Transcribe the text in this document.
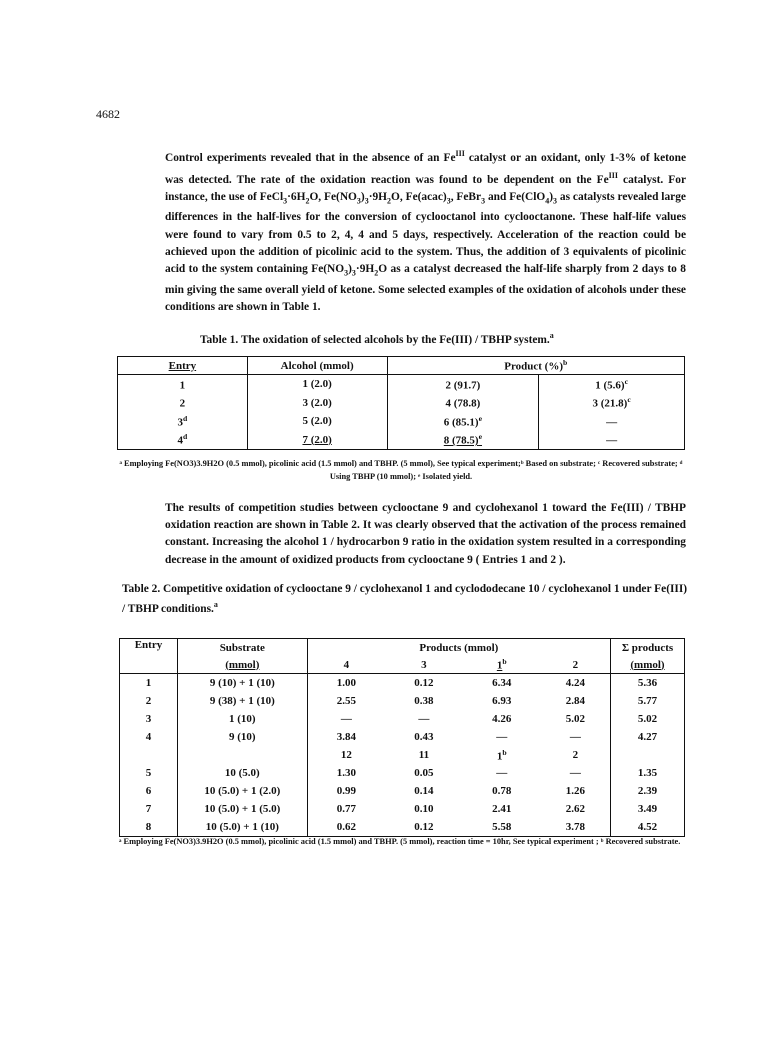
4682
Control experiments revealed that in the absence of an $Fe^{III}$ catalyst or an oxidant, only 1-3% of ketone was detected. The rate of the oxidation reaction was found to be dependent on the $Fe^{III}$ catalyst. For instance, the use of $FeCl_3\cdot 6H_2O$, $Fe(NO_3)_3\cdot 9H_2O$, $Fe(acac)_3$, FeBr$_3$ and $Fe(ClO_4)_3$ as catalysts revealed large differences in the half-lives for the conversion of cyclooctanol into cyclooctanone. These half-life values were found to vary from 0.5 to 2, 4, 4 and 5 days, respectively. Acceleration of the reaction could be achieved upon the addition of picolinic acid to the system. Thus, the addition of 3 equivalents of picolinic acid to the system containing $Fe(NO_3)_3\cdot 9H_2O$ as a catalyst decreased the half-life sharply from 2 days to 8 min giving the same overall yield of ketone. Some selected examples of the oxidation of alcohols under these conditions are shown in Table 1.
Table 1. The oxidation of selected alcohols by the Fe(III) / TBHP system.$^a$
Entry	Alcohol (mmol)	Product (%)$^b$
1	1 (2.0)	2 (91.7)	1 $(5.6)^c$
2	3 (2.0)	4 (78.8)	3 $(21.8)^c$
3$^d$	5 (2.0)	6 $(85.1)^e$	—
4$^d$	7 (2.0)	8 $(78.5)^e$	—
ᵃ Employing Fe(NO3)3.9H2O (0.5 mmol), picolinic acid (1.5 mmol) and TBHP. (5 mmol), See typical experiment;ᵇ Based on substrate; ᶜ Recovered substrate; ᵈ Using TBHP (10 mmol); ᵉ Isolated yield.
The results of competition studies between cyclooctane 9 and cyclohexanol 1 toward the Fe(III) / TBHP oxidation reaction are shown in Table 2. It was clearly observed that the activation of the process remained constant. Increasing the alcohol 1 / hydrocarbon 9 ratio in the oxidation system resulted in a corresponding decrease in the amount of oxidized products from cyclooctane 9 ( Entries 1 and 2 ).
Table 2. Competitive oxidation of cyclooctane 9 / cyclohexanol 1 and cyclododecane 10 / cyclohexanol 1 under Fe(III) / TBHP conditions.$^a$
Entry	Substrate	Products (mmol)				Σ products
	(mmol)	4	3	1$^b$	2	(mmol)
1	9 (10) + 1 (10)	1.00	0.12	6.34	4.24	5.36
2	9 (38) + 1 (10)	2.55	0.38	6.93	2.84	5.77
3	1 (10)	—	—	4.26	5.02	5.02
4	9 (10)	3.84	0.43	—	—	4.27
		12	11	1$^b$	2	
5	10 (5.0)	1.30	0.05	—	—	1.35
6	10 (5.0) + 1 (2.0)	0.99	0.14	0.78	1.26	2.39
7	10 (5.0) + 1 (5.0)	0.77	0.10	2.41	2.62	3.49
8	10 (5.0) + 1 (10)	0.62	0.12	5.58	3.78	4.52
ᵃ Employing Fe(NO3)3.9H2O (0.5 mmol), picolinic acid (1.5 mmol) and TBHP. (5 mmol), reaction time = 10hr, See typical experiment ; ᵇ Recovered substrate.
